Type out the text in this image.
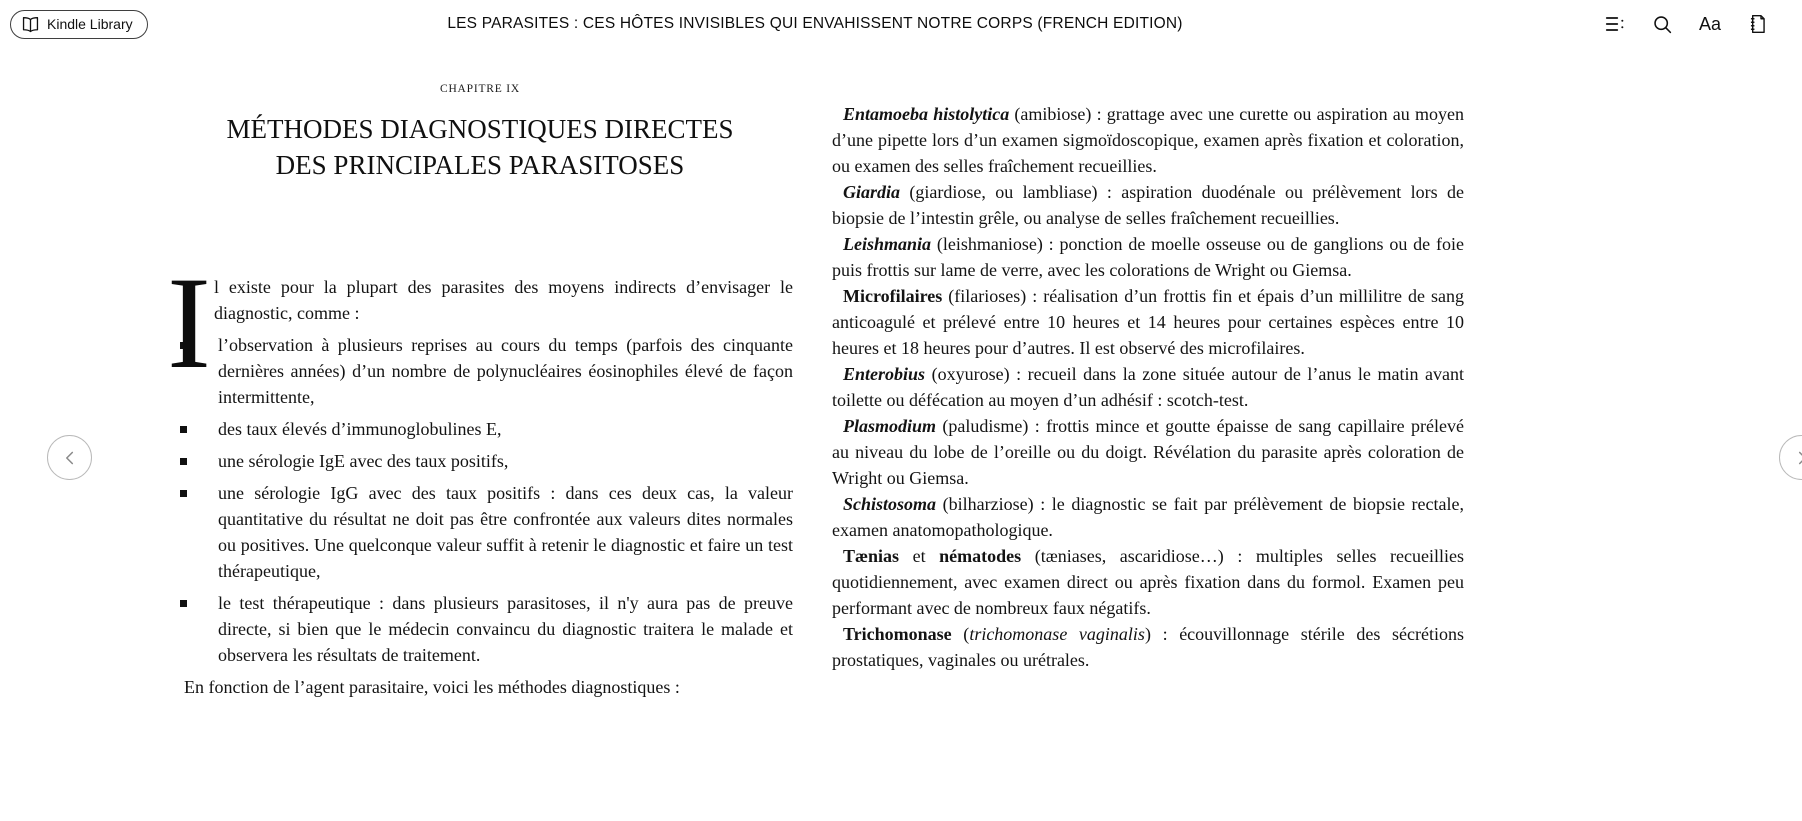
Kindle Library	LES PARASITES : CES HÔTES INVISIBLES QUI ENVAHISSENT NOTRE CORPS (FRENCH EDITION)	Aa
CHAPITRE IX
MÉTHODES DIAGNOSTIQUES DIRECTES
DES PRINCIPALES PARASITOSES

I l existe pour la plupart des parasites des moyens indirects d’envisager le diagnostic, comme :

l’observation à plusieurs reprises au cours du temps (parfois des cinquante dernières années) d’un nombre de polynucléaires éosinophiles élevé de façon intermittente,
des taux élevés d’immunoglobulines E,
une sérologie IgE avec des taux positifs,
une sérologie IgG avec des taux positifs : dans ces deux cas, la valeur quantitative du résultat ne doit pas être confrontée aux valeurs dites normales ou positives. Une quelconque valeur suffit à retenir le diagnostic et faire un test thérapeutique,
le test thérapeutique : dans plusieurs parasitoses, il n'y aura pas de preuve directe, si bien que le médecin convaincu du diagnostic traitera le malade et observera les résultats de traitement.

En fonction de l’agent parasitaire, voici les méthodes diagnostiques :

Entamoeba histolytica (amibiose) : grattage avec une curette ou aspiration au moyen d’une pipette lors d’un examen sigmoïdoscopique, examen après fixation et coloration, ou examen des selles fraîchement recueillies.

Giardia (giardiose, ou lambliase) : aspiration duodénale ou prélèvement lors de biopsie de l’intestin grêle, ou analyse de selles fraîchement recueillies.

Leishmania (leishmaniose) : ponction de moelle osseuse ou de ganglions ou de foie puis frottis sur lame de verre, avec les colorations de Wright ou Giemsa.

Microfilaires (filarioses) : réalisation d’un frottis fin et épais d’un millilitre de sang anticoagulé et prélevé entre 10 heures et 14 heures pour certaines espèces entre 10 heures et 18 heures pour d’autres. Il est observé des microfilaires.

Enterobius (oxyurose) : recueil dans la zone située autour de l’anus le matin avant toilette ou défécation au moyen d’un adhésif : scotch-test.

Plasmodium (paludisme) : frottis mince et goutte épaisse de sang capillaire prélevé au niveau du lobe de l’oreille ou du doigt. Révélation du parasite après coloration de Wright ou Giemsa.

Schistosoma (bilharziose) : le diagnostic se fait par prélèvement de biopsie rectale, examen anatomopathologique.

Tænias et nématodes (tæniases, ascaridiose…) : multiples selles recueillies quotidiennement, avec examen direct ou après fixation dans du formol. Examen peu performant avec de nombreux faux négatifs.

Trichomonase (trichomonase vaginalis) : écouvillonnage stérile des sécrétions prostatiques, vaginales ou urétrales.
